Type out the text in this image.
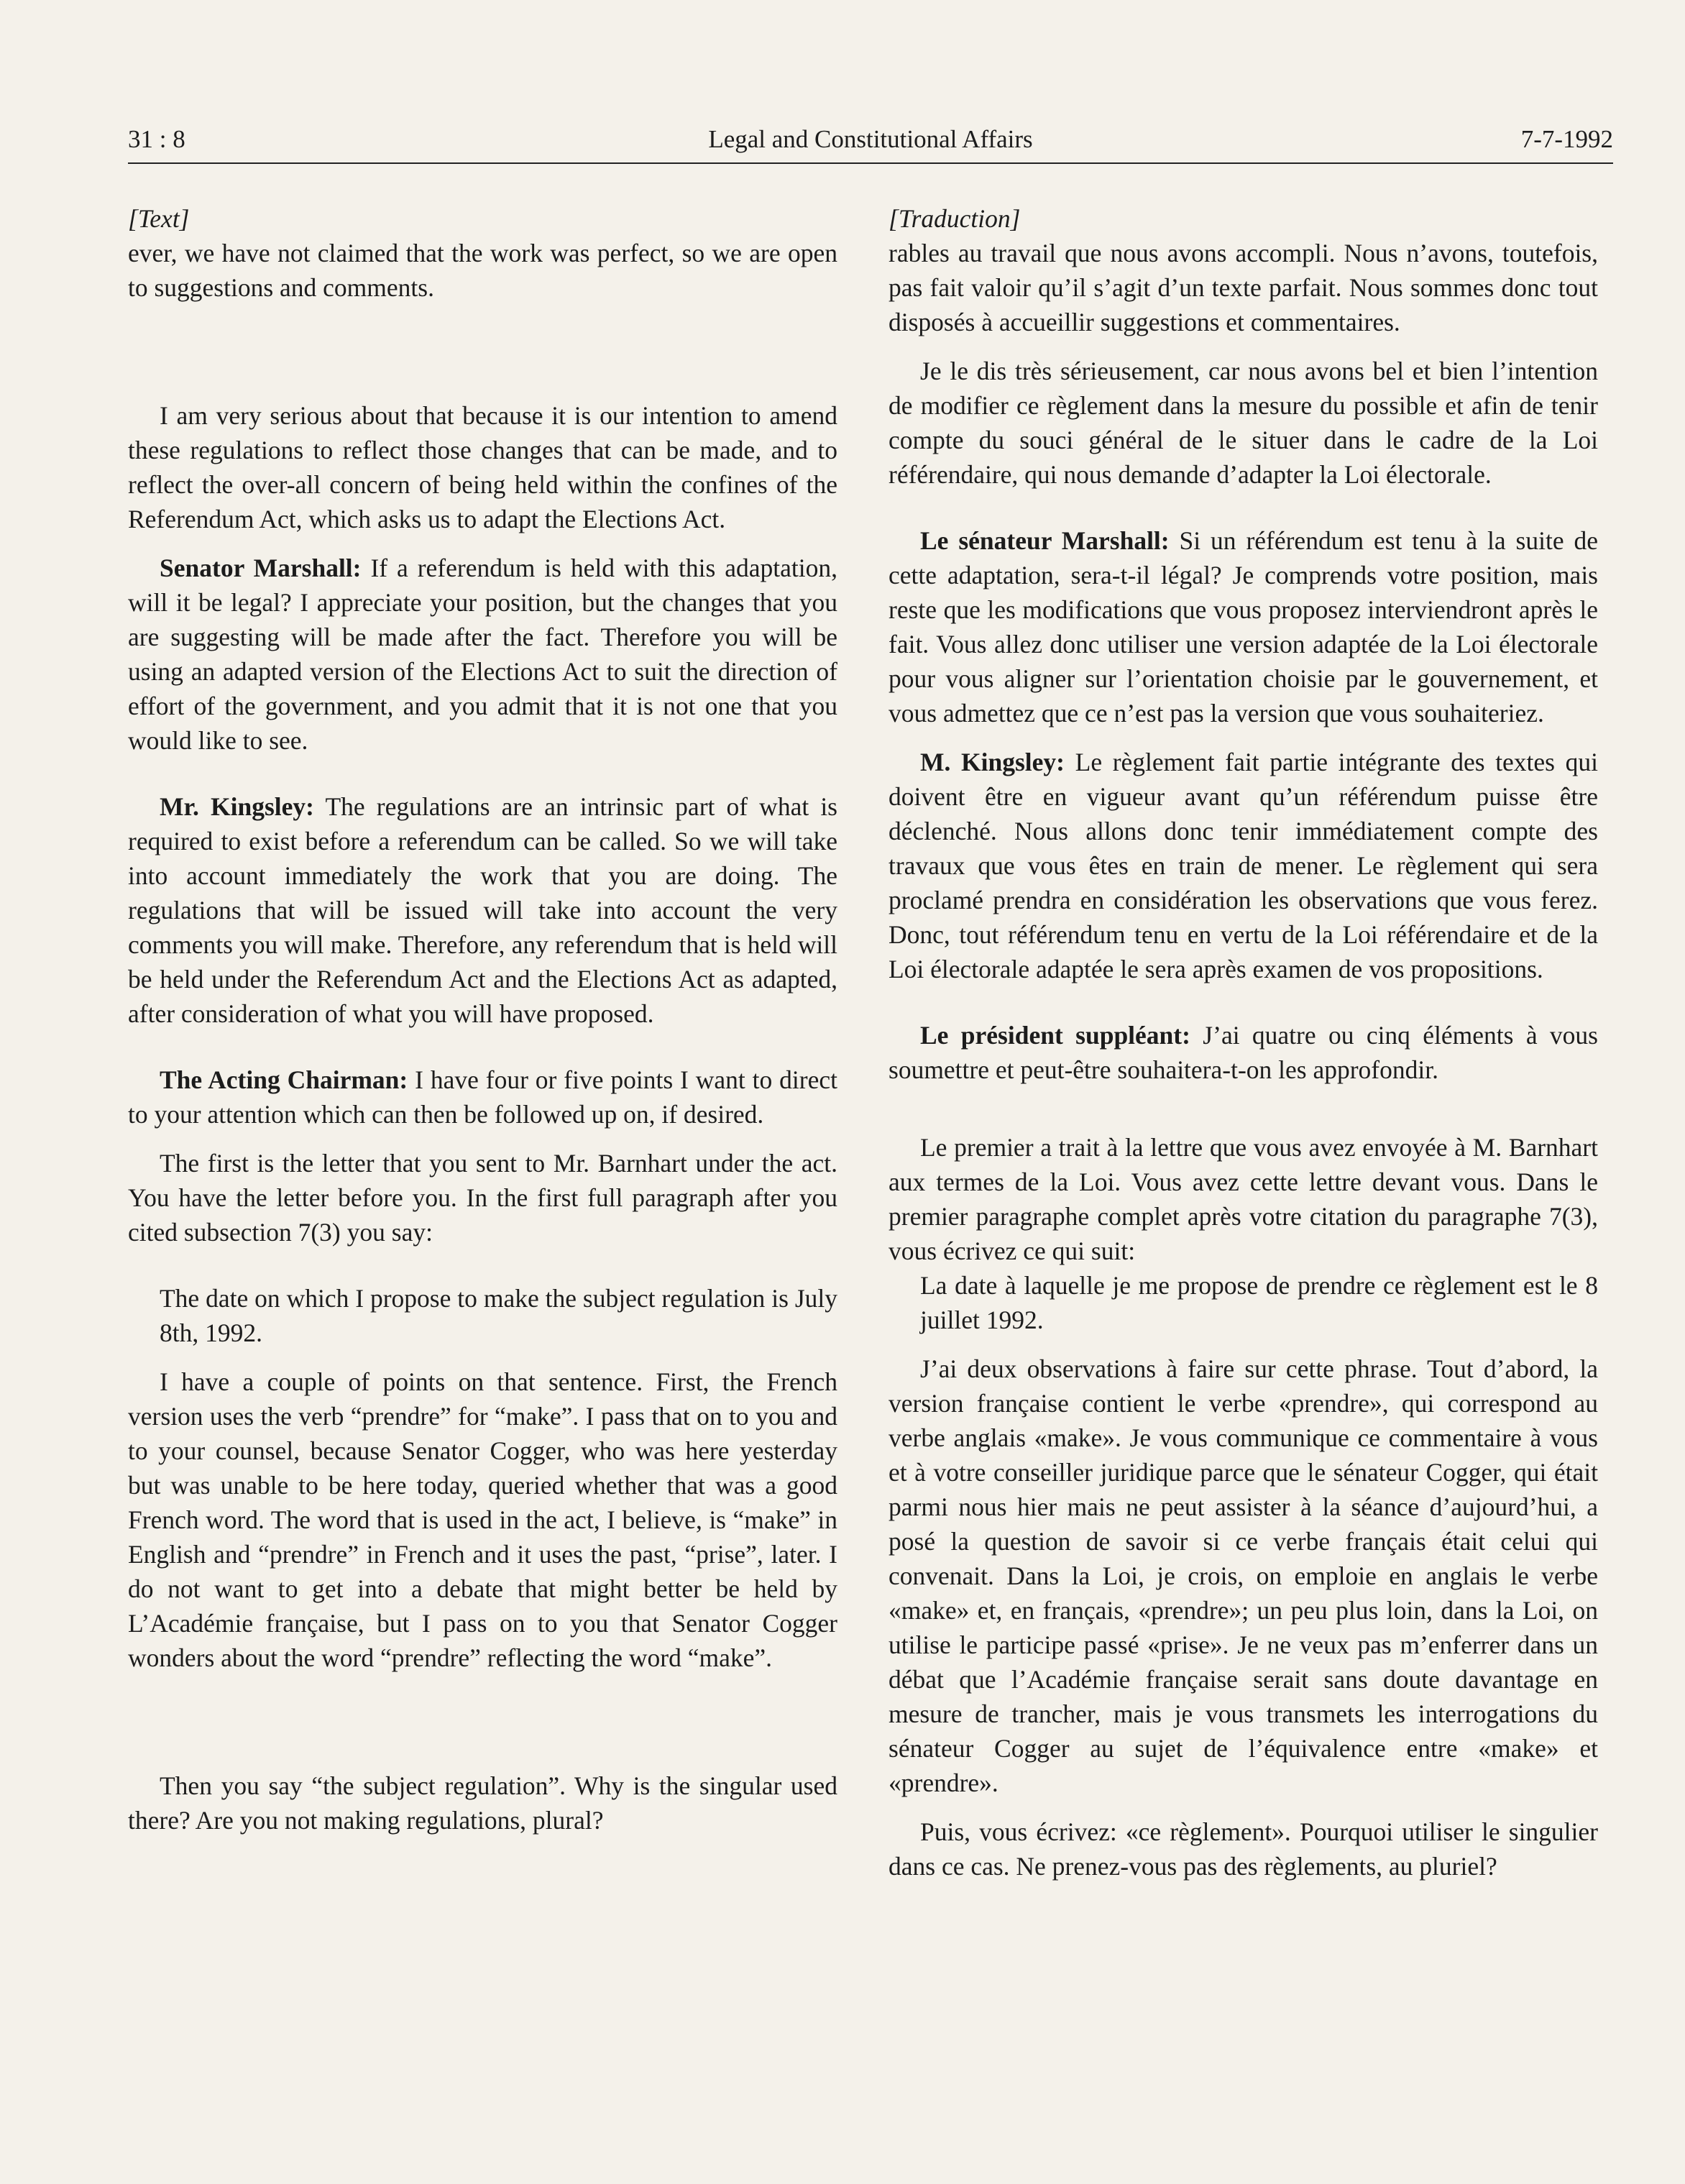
31 : 8	Legal and Constitutional Affairs	7-7-1992
[Text]

ever, we have not claimed that the work was perfect, so we are open to suggestions and comments.

I am very serious about that because it is our intention to amend these regulations to reflect those changes that can be made, and to reflect the over-all concern of being held within the confines of the Referendum Act, which asks us to adapt the Elections Act.

Senator Marshall: If a referendum is held with this adaptation, will it be legal? I appreciate your position, but the changes that you are suggesting will be made after the fact. Therefore you will be using an adapted version of the Elections Act to suit the direction of effort of the government, and you admit that it is not one that you would like to see.

Mr. Kingsley: The regulations are an intrinsic part of what is required to exist before a referendum can be called. So we will take into account immediately the work that you are doing. The regulations that will be issued will take into account the very comments you will make. Therefore, any referendum that is held will be held under the Referendum Act and the Elections Act as adapted, after consideration of what you will have proposed.

The Acting Chairman: I have four or five points I want to direct to your attention which can then be followed up on, if desired.

The first is the letter that you sent to Mr. Barnhart under the act. You have the letter before you. In the first full paragraph after you cited subsection 7(3) you say:

The date on which I propose to make the subject regulation is July 8th, 1992.

I have a couple of points on that sentence. First, the French version uses the verb “prendre” for “make”. I pass that on to you and to your counsel, because Senator Cogger, who was here yesterday but was unable to be here today, queried whether that was a good French word. The word that is used in the act, I believe, is “make” in English and “prendre” in French and it uses the past, “prise”, later. I do not want to get into a debate that might better be held by L’Académie française, but I pass on to you that Senator Cogger wonders about the word “prendre” reflecting the word “make”.

Then you say “the subject regulation”. Why is the singular used there? Are you not making regulations, plural?

[Traduction]

rables au travail que nous avons accompli. Nous n’avons, toutefois, pas fait valoir qu’il s’agit d’un texte parfait. Nous sommes donc tout disposés à accueillir suggestions et commentaires.

Je le dis très sérieusement, car nous avons bel et bien l’intention de modifier ce règlement dans la mesure du possible et afin de tenir compte du souci général de le situer dans le cadre de la Loi référendaire, qui nous demande d’adapter la Loi électorale.

Le sénateur Marshall: Si un référendum est tenu à la suite de cette adaptation, sera-t-il légal? Je comprends votre position, mais reste que les modifications que vous proposez interviendront après le fait. Vous allez donc utiliser une version adaptée de la Loi électorale pour vous aligner sur l’orientation choisie par le gouvernement, et vous admettez que ce n’est pas la version que vous souhaiteriez.

M. Kingsley: Le règlement fait partie intégrante des textes qui doivent être en vigueur avant qu’un référendum puisse être déclenché. Nous allons donc tenir immédiatement compte des travaux que vous êtes en train de mener. Le règlement qui sera proclamé prendra en considération les observations que vous ferez. Donc, tout référendum tenu en vertu de la Loi référendaire et de la Loi électorale adaptée le sera après examen de vos propositions.

Le président suppléant: J’ai quatre ou cinq éléments à vous soumettre et peut-être souhaitera-t-on les approfondir.

Le premier a trait à la lettre que vous avez envoyée à M. Barnhart aux termes de la Loi. Vous avez cette lettre devant vous. Dans le premier paragraphe complet après votre citation du paragraphe 7(3), vous écrivez ce qui suit:

La date à laquelle je me propose de prendre ce règlement est le 8 juillet 1992.

J’ai deux observations à faire sur cette phrase. Tout d’abord, la version française contient le verbe «prendre», qui correspond au verbe anglais «make». Je vous communique ce commentaire à vous et à votre conseiller juridique parce que le sénateur Cogger, qui était parmi nous hier mais ne peut assister à la séance d’aujourd’hui, a posé la question de savoir si ce verbe français était celui qui convenait. Dans la Loi, je crois, on emploie en anglais le verbe «make» et, en français, «prendre»; un peu plus loin, dans la Loi, on utilise le participe passé «prise». Je ne veux pas m’enferrer dans un débat que l’Académie française serait sans doute davantage en mesure de trancher, mais je vous transmets les interrogations du sénateur Cogger au sujet de l’équivalence entre «make» et «prendre».

Puis, vous écrivez: «ce règlement». Pourquoi utiliser le singulier dans ce cas. Ne prenez-vous pas des règlements, au pluriel?
